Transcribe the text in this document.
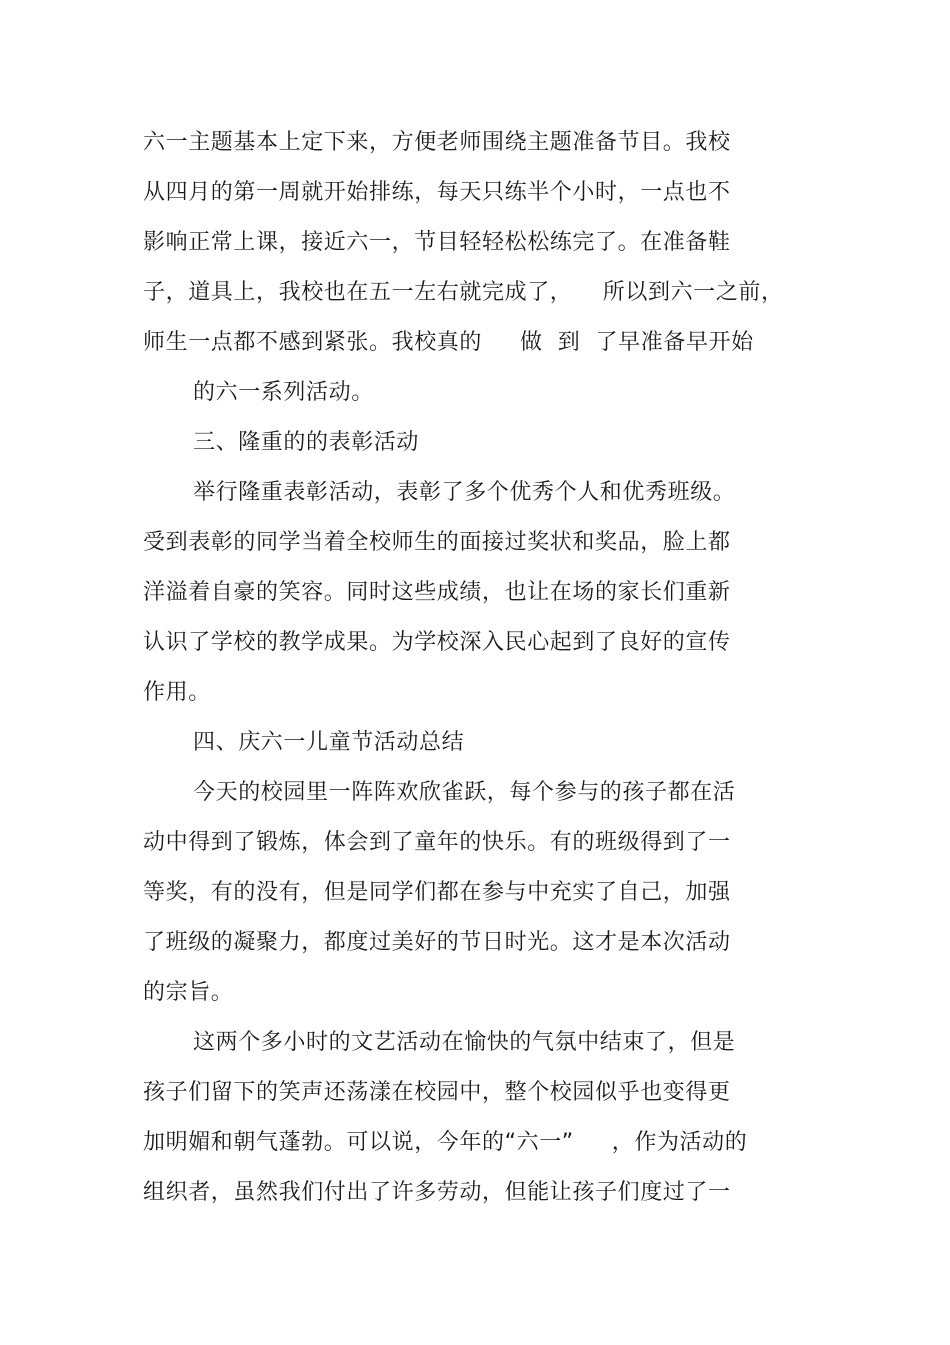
六一主题基本上定下来，方便老师围绕主题准备节目。我校
从四月的第一周就开始排练，每天只练半个小时，一点也不
影响正常上课，接近六一，节目轻轻松松练完了。在准备鞋
子，道具上，我校也在五一左右就完成了，    所以到六一之前，
师生一点都不感到紧张。我校真的     做  到  了早准备早开始
的六一系列活动。
三、隆重的的表彰活动
举行隆重表彰活动，表彰了多个优秀个人和优秀班级。
受到表彰的同学当着全校师生的面接过奖状和奖品，脸上都
洋溢着自豪的笑容。同时这些成绩，也让在场的家长们重新
认识了学校的教学成果。为学校深入民心起到了良好的宣传
作用。
四、庆六一儿童节活动总结
今天的校园里一阵阵欢欣雀跃，每个参与的孩子都在活
动中得到了锻炼，体会到了童年的快乐。有的班级得到了一
等奖，有的没有，但是同学们都在参与中充实了自己，加强
了班级的凝聚力，都度过美好的节日时光。这才是本次活动
的宗旨。
这两个多小时的文艺活动在愉快的气氛中结束了，但是
孩子们留下的笑声还荡漾在校园中，整个校园似乎也变得更
加明媚和朝气蓬勃。可以说，今年的“六一”     ，作为活动的
组织者，虽然我们付出了许多劳动，但能让孩子们度过了一
